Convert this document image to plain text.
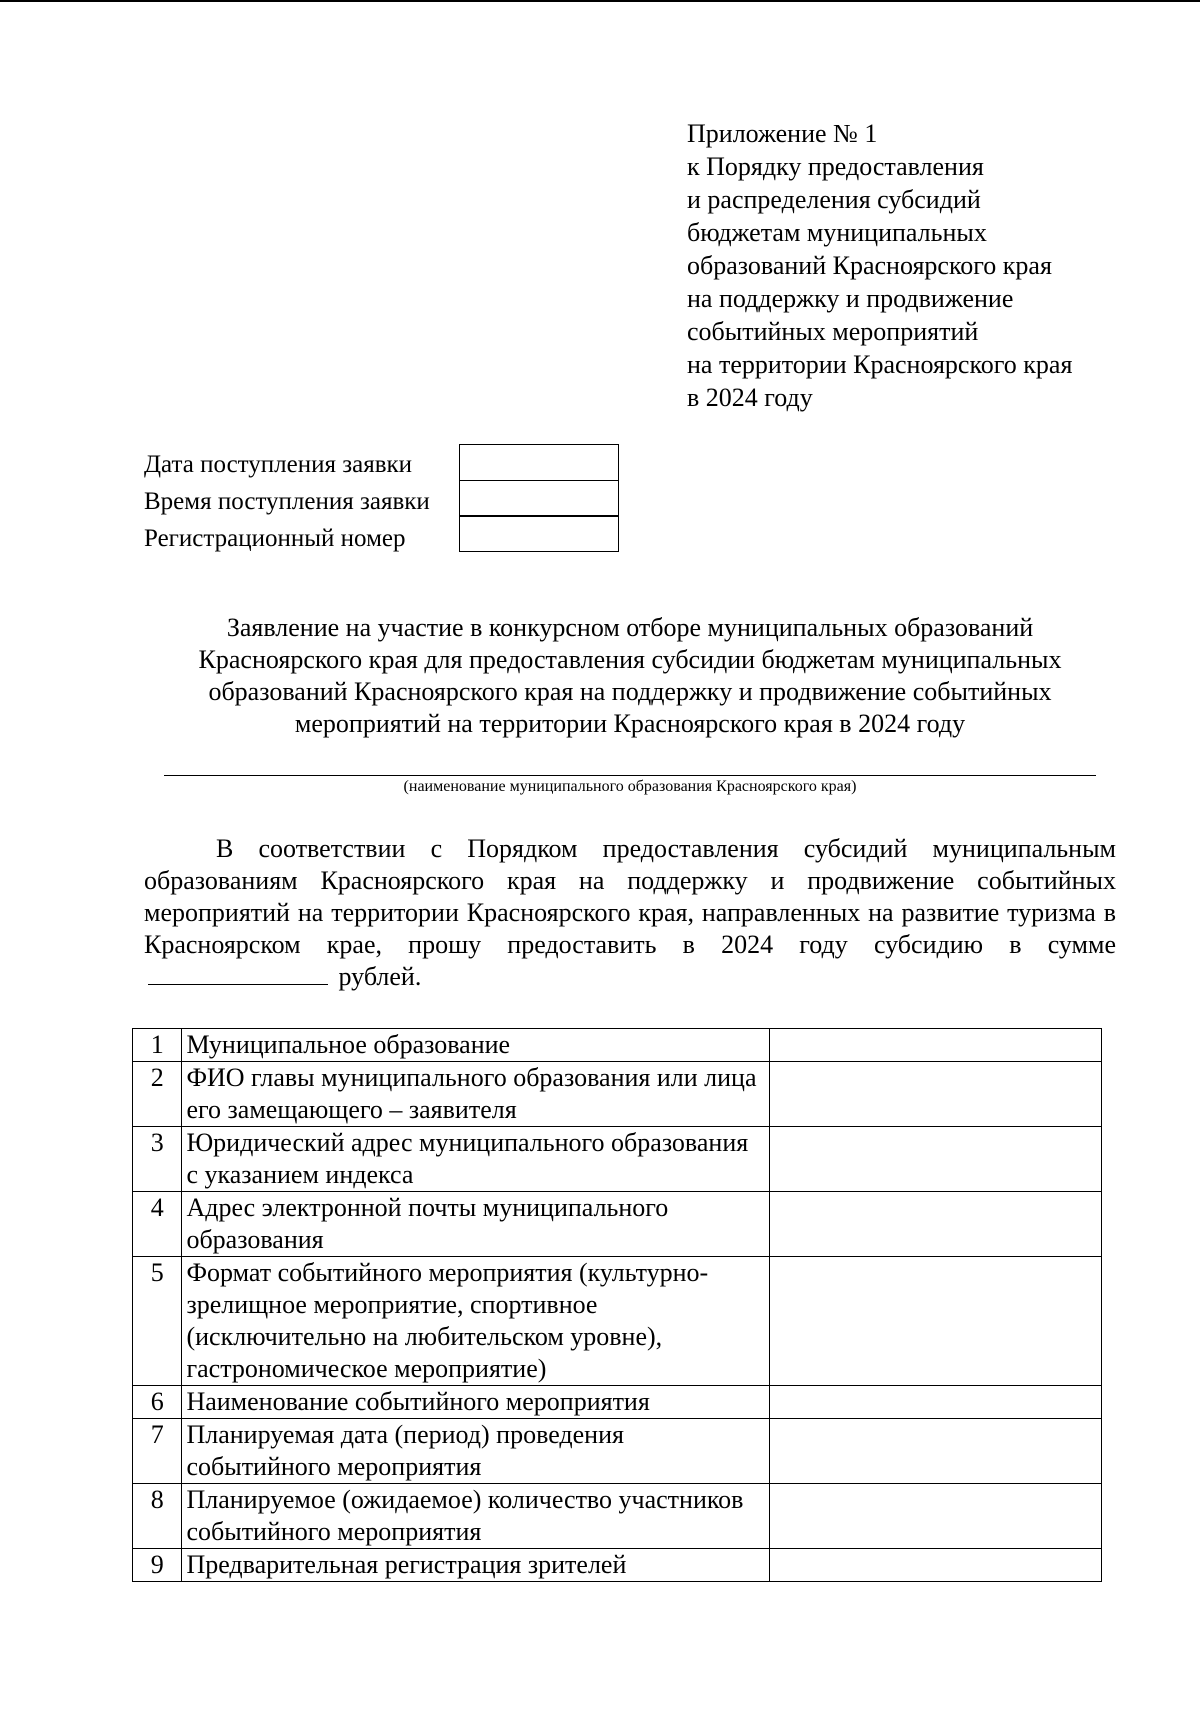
Приложение № 1
к Порядку предоставления
и распределения субсидий
бюджетам муниципальных
образований Красноярского края
на поддержку и продвижение
событийных мероприятий
на территории Красноярского края
в 2024 году
Дата поступления заявки
Время поступления заявки
Регистрационный номер
Заявление на участие в конкурсном отборе муниципальных образований
Красноярского края для предоставления субсидии бюджетам муниципальных
образований Красноярского края на поддержку и продвижение событийных
мероприятий на территории Красноярского края в 2024 году
(наименование муниципального образования Красноярского края)
В соответствии с Порядком предоставления субсидий муниципальным образованиям Красноярского края на поддержку и продвижение событийных мероприятий на территории Красноярского края, направленных на развитие туризма в Красноярском крае, прошу предоставить в 2024 году субсидию в сумме  рублей.
1	Муниципальное образование	
2	ФИО главы муниципального образования или лица его замещающего – заявителя	
3	Юридический адрес муниципального образования с указанием индекса	
4	Адрес электронной почты муниципального образования	
5	Формат событийного мероприятия (культурно-зрелищное мероприятие, спортивное (исключительно на любительском уровне), гастрономическое мероприятие)	
6	Наименование событийного мероприятия	
7	Планируемая дата (период) проведения событийного мероприятия	
8	Планируемое (ожидаемое) количество участников событийного мероприятия	
9	Предварительная регистрация зрителей	
